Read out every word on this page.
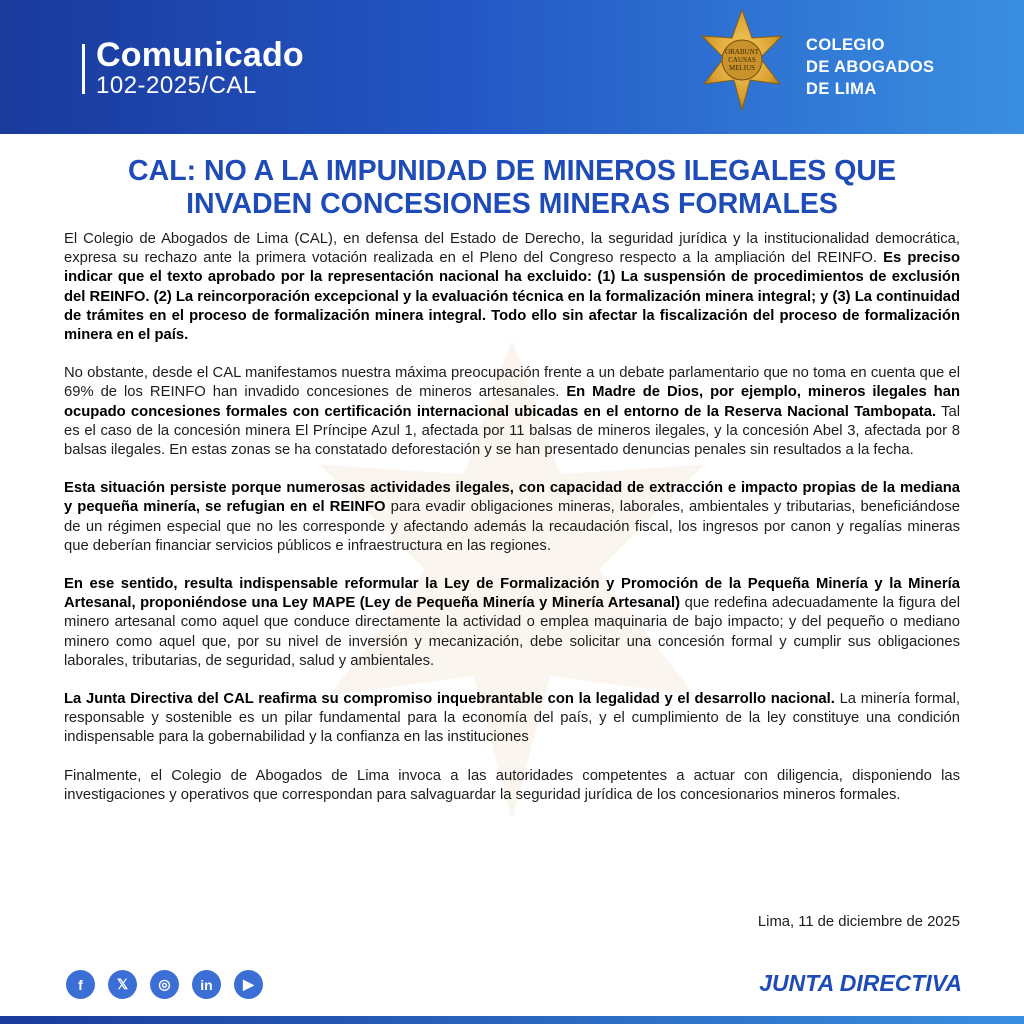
Comunicado
102-2025/CAL
ORABUNT
CAUSAS
MELIUS
COLEGIO
DE ABOGADOS
DE LIMA
CAL: NO A LA IMPUNIDAD DE MINEROS ILEGALES QUE
INVADEN CONCESIONES MINERAS FORMALES

El Colegio de Abogados de Lima (CAL), en defensa del Estado de Derecho, la seguridad jurídica y la institucionalidad democrática, expresa su rechazo ante la primera votación realizada en el Pleno del Congreso respecto a la ampliación del REINFO. Es preciso indicar que el texto aprobado por la representación nacional ha excluido: (1) La suspensión de procedimientos de exclusión del REINFO. (2) La reincorporación excepcional y la evaluación técnica en la formalización minera integral; y (3) La continuidad de trámites en el proceso de formalización minera integral. Todo ello sin afectar la fiscalización del proceso de formalización minera en el país.

No obstante, desde el CAL manifestamos nuestra máxima preocupación frente a un debate parlamentario que no toma en cuenta que el 69% de los REINFO han invadido concesiones de mineros artesanales. En Madre de Dios, por ejemplo, mineros ilegales han ocupado concesiones formales con certificación internacional ubicadas en el entorno de la Reserva Nacional Tambopata. Tal es el caso de la concesión minera El Príncipe Azul 1, afectada por 11 balsas de mineros ilegales, y la concesión Abel 3, afectada por 8 balsas ilegales. En estas zonas se ha constatado deforestación y se han presentado denuncias penales sin resultados a la fecha.

Esta situación persiste porque numerosas actividades ilegales, con capacidad de extracción e impacto propias de la mediana y pequeña minería, se refugian en el REINFO para evadir obligaciones mineras, laborales, ambientales y tributarias, beneficiándose de un régimen especial que no les corresponde y afectando además la recaudación fiscal, los ingresos por canon y regalías mineras que deberían financiar servicios públicos e infraestructura en las regiones.

En ese sentido, resulta indispensable reformular la Ley de Formalización y Promoción de la Pequeña Minería y la Minería Artesanal, proponiéndose una Ley MAPE (Ley de Pequeña Minería y Minería Artesanal) que redefina adecuadamente la figura del minero artesanal como aquel que conduce directamente la actividad o emplea maquinaria de bajo impacto; y del pequeño o mediano minero como aquel que, por su nivel de inversión y mecanización, debe solicitar una concesión formal y cumplir sus obligaciones laborales, tributarias, de seguridad, salud y ambientales.

La Junta Directiva del CAL reafirma su compromiso inquebrantable con la legalidad y el desarrollo nacional. La minería formal, responsable y sostenible es un pilar fundamental para la economía del país, y el cumplimiento de la ley constituye una condición indispensable para la gobernabilidad y la confianza en las instituciones

Finalmente, el Colegio de Abogados de Lima invoca a las autoridades competentes a actuar con diligencia, disponiendo las investigaciones y operativos que correspondan para salvaguardar la seguridad jurídica de los concesionarios mineros formales.

Lima, 11 de diciembre de 2025
f	𝕏	◎	in	▶	JUNTA DIRECTIVA
